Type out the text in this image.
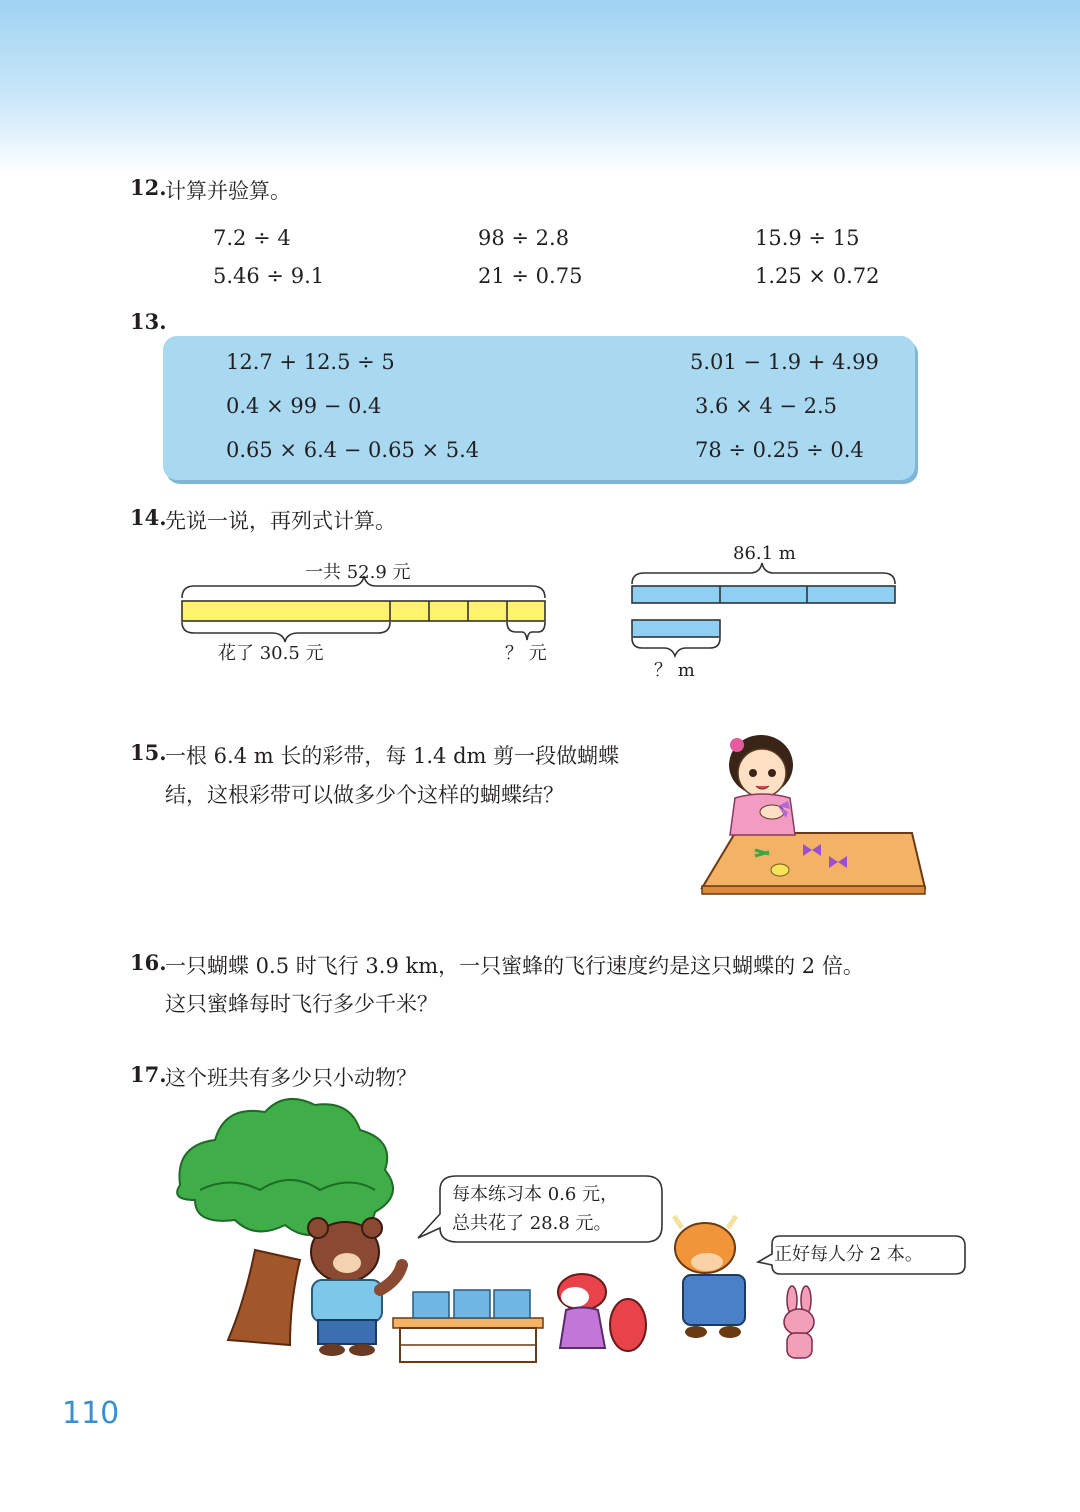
12.
计算并验算。
7.2 ÷ 4	98 ÷ 2.8	15.9 ÷ 15
5.46 ÷ 9.1	21 ÷ 0.75	1.25 × 0.72
13.
12.7 + 12.5 ÷ 5	5.01 − 1.9 + 4.99
0.4 × 99 − 0.4	3.6 × 4 − 2.5
0.65 × 6.4 − 0.65 × 5.4	78 ÷ 0.25 ÷ 0.4
14.
先说一说，再列式计算。
一共 52.9 元
花了 30.5 元	？ 元
86.1 m
？ m
15.
一根 6.4 m 长的彩带，每 1.4 dm 剪一段做蝴蝶
结，这根彩带可以做多少个这样的蝴蝶结？
16.
一只蝴蝶 0.5 时飞行 3.9 km，一只蜜蜂的飞行速度约是这只蝴蝶的 2 倍。
这只蜜蜂每时飞行多少千米？
17.
这个班共有多少只小动物？
每本练习本 0.6 元，
总共花了 28.8 元。
正好每人分 2 本。
110
